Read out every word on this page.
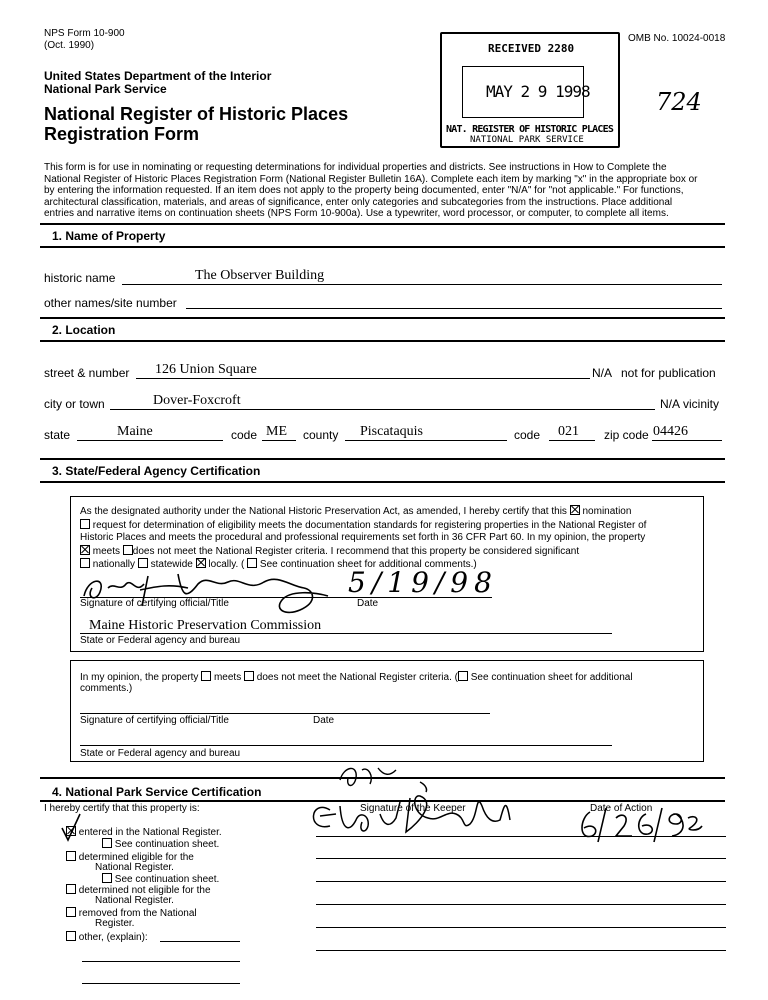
NPS Form 10-900
(Oct. 1990)
OMB No. 10024-0018
United States Department of the Interior
National Park Service
National Register of Historic Places
Registration Form
RECEIVED 2280
MAY 2 9 1998
NAT. REGISTER OF HISTORIC PLACES
NATIONAL PARK SERVICE
724
This form is for use in nominating or requesting determinations for individual properties and districts. See instructions in How to Complete the
National Register of Historic Places Registration Form (National Register Bulletin 16A). Complete each item by marking "x" in the appropriate box or
by entering the information requested. If an item does not apply to the property being documented, enter "N/A" for "not applicable." For functions,
architectural classification, materials, and areas of significance, enter only categories and subcategories from the instructions. Place additional
entries and narrative items on continuation sheets (NPS Form 10-900a). Use a typewriter, word processor, or computer, to complete all items.
1. Name of Property
historic name	The Observer Building
other names/site number
2. Location
street & number 126 Union Square	N/A not for publication
city or town	Dover-Foxcroft	N/A vicinity
state	Maine	code ME county Piscataquis	code 021 zip code 04426
3. State/Federal Agency Certification
As the designated authority under the National Historic Preservation Act, as amended, I hereby certify that this nomination
request for determination of eligibility meets the documentation standards for registering properties in the National Register of
Historic Places and meets the procedural and professional requirements set forth in 36 CFR Part 60. In my opinion, the property
meets does not meet the National Register criteria. I recommend that this property be considered significant
nationally statewide locally. (  See continuation sheet for additional comments.)
Signature of certifying official/Title	Date
5/19/98
Maine Historic Preservation Commission
State or Federal agency and bureau
In my opinion, the property meets does not meet the National Register criteria. ( See continuation sheet for additional
comments.)
Signature of certifying official/Title	Date
State or Federal agency and bureau
4. National Park Service Certification
I hereby certify that this property is:	Signature of the Keeper	Date of Action
entered in the National Register.
See continuation sheet.
determined eligible for the
National Register.
See continuation sheet.
determined not eligible for the
National Register.
removed from the National
Register.
other, (explain):
